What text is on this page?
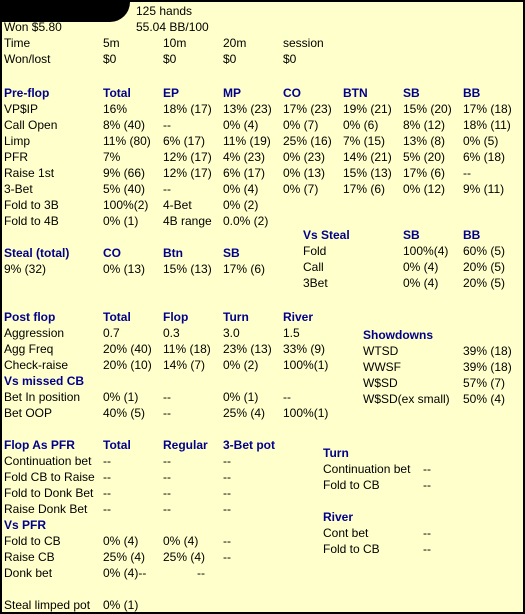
125 hands
Won $5.80	55.04 BB/100
Time	5m	10m	20m	session
Won/lost	$0	$0	$0	$0
Pre-flop	Total	EP	MP	CO	BTN	SB	BB
VP$IP	16%	18% (17) 13% (23) 17% (23) 19% (21) 15% (20) 17% (18)
Call Open	8% (40) --	0% (4) 0% (7) 0% (6) 8% (12) 18% (11)
Limp	11% (80) 6% (17) 11% (19) 25% (16) 7% (15) 13% (8) 0% (5)
PFR	7%	12% (17) 4% (23) 0% (23) 14% (21) 5% (20) 6% (18)
Raise 1st	9% (66) 12% (17) 6% (17) 0% (13) 15% (13) 17% (6) --
3-Bet	5% (40) --	0% (4) 0% (7) 17% (6) 0% (12) 9% (11)
Fold to 3B	100%(2) 4-Bet	0% (2)
Fold to 4B	0% (1) 4B range 0.0% (2)
Steal (total)	CO	Btn	SB
9% (32)	0% (13) 15% (13) 17% (6)
Vs Steal	SB	BB
Fold	100%(4) 60% (5)
Call	0% (4) 20% (5)
3Bet	0% (4) 20% (5)
Post flop	Total	Flop	Turn	River
Aggression	0.7	0.3	3.0	1.5
Agg Freq	20% (40) 11% (18) 23% (13) 33% (9)
Check-raise	20% (10) 14% (7) 0% (2) 100%(1)
Vs missed CB
Bet In position 0% (1) --	0% (1) --
Bet OOP	40% (5) --	25% (4) 100%(1)
Showdowns
WTSD	39% (18)
WWSF	39% (18)
W$SD	57% (7)
W$SD(ex small) 50% (4)
Flop As PFR Total	Regular 3-Bet pot
Continuation bet --	--	--
Fold CB to Raise --	--	--
Fold to Donk Bet --	--	--
Raise Donk Bet --	--	--
Vs PFR
Fold to CB	0% (4) 0% (4) --
Raise CB	25% (4) 25% (4) --
Donk bet	0% (4)--	--
Steal limped pot 0% (1)
Turn
Continuation bet --
Fold to CB	--
River
Cont bet	--
Fold to CB	--
